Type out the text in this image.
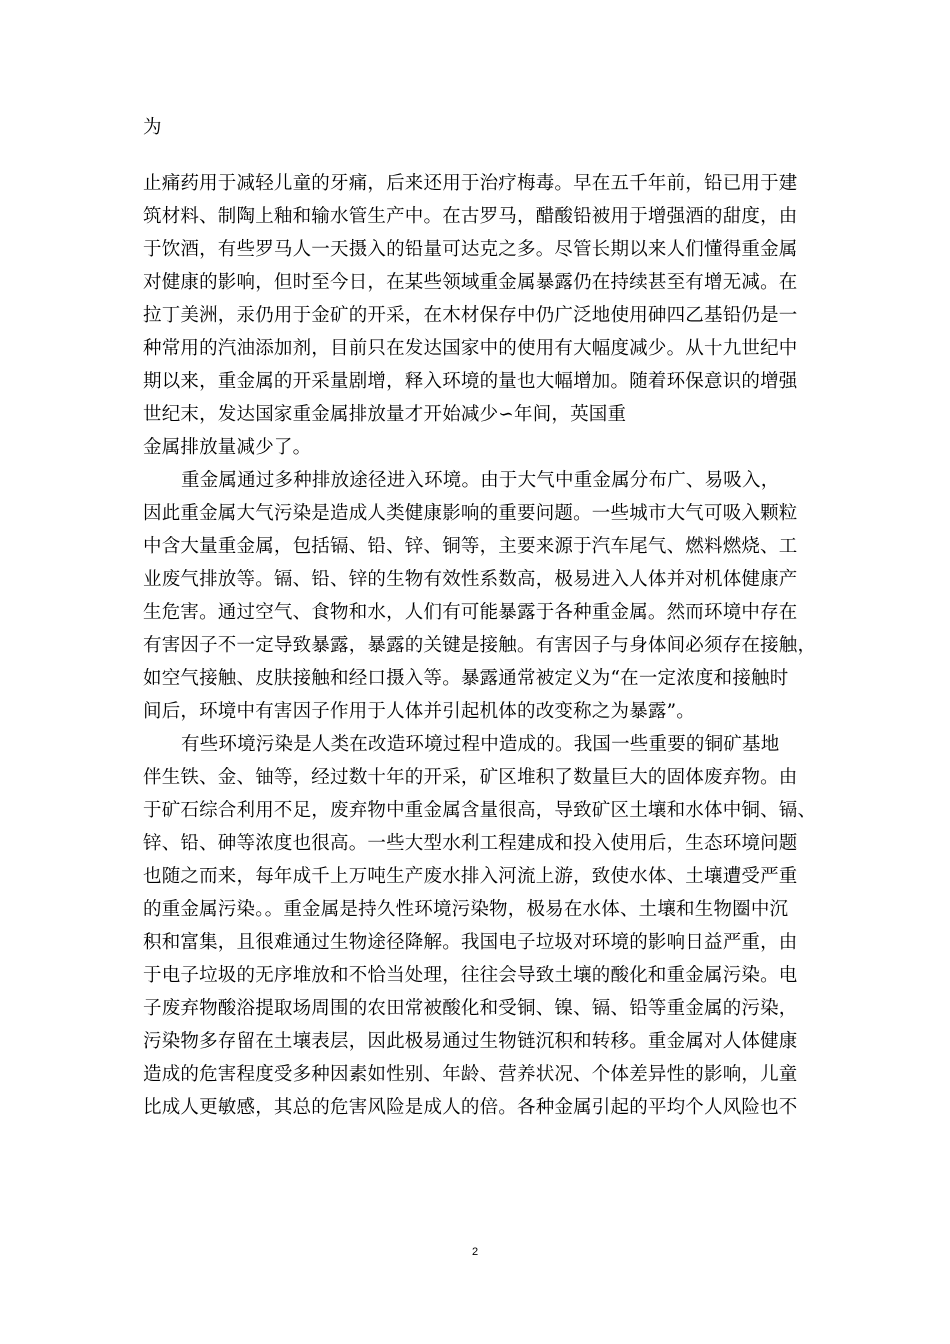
为
止痛药用于减轻儿童的牙痛，后来还用于治疗梅毒。早在五千年前，铅已用于建
筑材料、制陶上釉和输水管生产中。在古罗马，醋酸铅被用于增强酒的甜度，由
于饮酒，有些罗马人一天摄入的铅量可达克之多。尽管长期以来人们懂得重金属
对健康的影响，但时至今日，在某些领域重金属暴露仍在持续甚至有增无减。在
拉丁美洲，汞仍用于金矿的开采，在木材保存中仍广泛地使用砷四乙基铅仍是一
种常用的汽油添加剂，目前只在发达国家中的使用有大幅度减少。从十九世纪中
期以来，重金属的开采量剧增，释入环境的量也大幅增加。随着环保意识的增强
世纪末，发达国家重金属排放量才开始减少∽年间，英国重
金属排放量减少了。
重金属通过多种排放途径进入环境。由于大气中重金属分布广、易吸入，
因此重金属大气污染是造成人类健康影响的重要问题。一些城市大气可吸入颗粒
中含大量重金属，包括镉、铅、锌、铜等，主要来源于汽车尾气、燃料燃烧、工
业废气排放等。镉、铅、锌的生物有效性系数高，极易进入人体并对机体健康产
生危害。通过空气、食物和水，人们有可能暴露于各种重金属。然而环境中存在
有害因子不一定导致暴露，暴露的关键是接触。有害因子与身体间必须存在接触，
如空气接触、皮肤接触和经口摄入等。暴露通常被定义为“在一定浓度和接触时
间后，环境中有害因子作用于人体并引起机体的改变称之为暴露”。
有些环境污染是人类在改造环境过程中造成的。我国一些重要的铜矿基地
伴生铁、金、铀等，经过数十年的开采，矿区堆积了数量巨大的固体废弃物。由
于矿石综合利用不足，废弃物中重金属含量很高，导致矿区土壤和水体中铜、镉、
锌、铅、砷等浓度也很高。一些大型水利工程建成和投入使用后，生态环境问题
也随之而来，每年成千上万吨生产废水排入河流上游，致使水体、土壤遭受严重
的重金属污染。。重金属是持久性环境污染物，极易在水体、土壤和生物圈中沉
积和富集，且很难通过生物途径降解。我国电子垃圾对环境的影响日益严重，由
于电子垃圾的无序堆放和不恰当处理，往往会导致土壤的酸化和重金属污染。电
子废弃物酸浴提取场周围的农田常被酸化和受铜、镍、镉、铅等重金属的污染，
污染物多存留在土壤表层，因此极易通过生物链沉积和转移。重金属对人体健康
造成的危害程度受多种因素如性别、年龄、营养状况、个体差异性的影响，儿童
比成人更敏感，其总的危害风险是成人的倍。各种金属引起的平均个人风险也不
2
